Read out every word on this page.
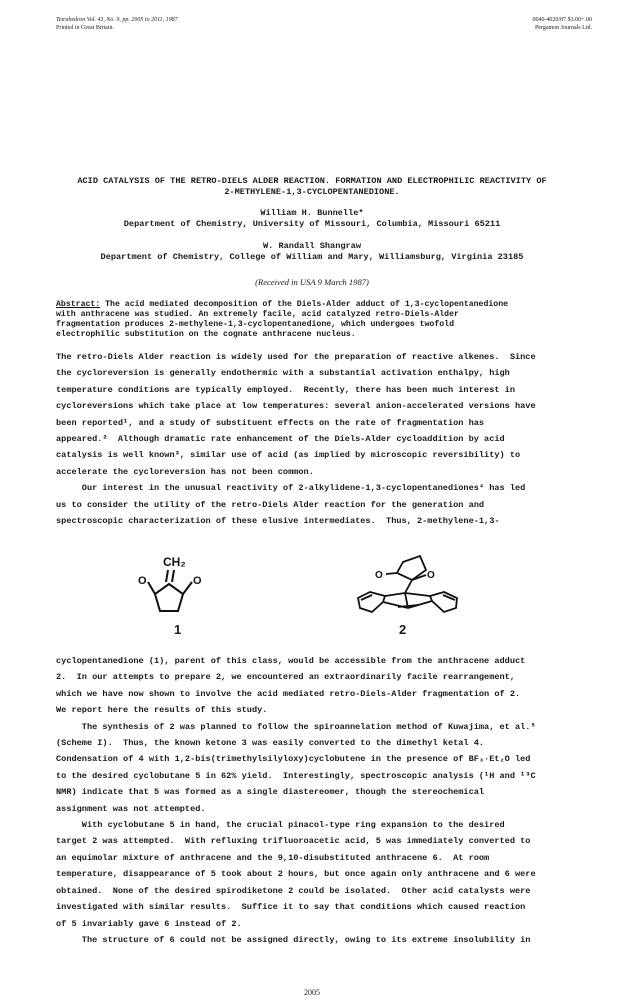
Tetrahedron Vol. 43, No. 9, pp. 2005 to 2011, 1987
Printed in Great Britain.
0040-4020/87 $3.00+.00
Pergamon Journals Ltd.
ACID CATALYSIS OF THE RETRO-DIELS ALDER REACTION. FORMATION AND ELECTROPHILIC REACTIVITY OF
2-METHYLENE-1,3-CYCLOPENTANEDIONE.
William H. Bunnelle*
Department of Chemistry, University of Missouri, Columbia, Missouri 65211
W. Randall Shangraw
Department of Chemistry, College of William and Mary, Williamsburg, Virginia 23185
(Received in USA 9 March 1987)
Abstract: The acid mediated decomposition of the Diels-Alder adduct of 1,3-cyclopentanedione
with anthracene was studied. An extremely facile, acid catalyzed retro-Diels-Alder
fragmentation produces 2-methylene-1,3-cyclopentanedione, which undergoes twofold
electrophilic substitution on the cognate anthracene nucleus.

The retro-Diels Alder reaction is widely used for the preparation of reactive alkenes.  Since

the cycloreversion is generally endothermic with a substantial activation enthalpy, high

temperature conditions are typically employed.  Recently, there has been much interest in

cycloreversions which take place at low temperatures: several anion-accelerated versions have

been reported¹, and a study of substituent effects on the rate of fragmentation has

appeared.²  Although dramatic rate enhancement of the Diels-Alder cycloaddition by acid

catalysis is well known³, similar use of acid (as implied by microscopic reversibility) to

accelerate the cycloreversion has not been common.

Our interest in the unusual reactivity of 2-alkylidene-1,3-cyclopentanediones⁴ has led

us to consider the utility of the retro-Diels Alder reaction for the generation and

spectroscopic characterization of these elusive intermediates.  Thus, 2-methylene-1,3-

CH₂
O	O	O	O
1	2

cyclopentanedione (1), parent of this class, would be accessible from the anthracene adduct

2.  In our attempts to prepare 2, we encountered an extraordinarily facile rearrangement,

which we have now shown to involve the acid mediated retro-Diels-Alder fragmentation of 2.

We report here the results of this study.

The synthesis of 2 was planned to follow the spiroannelation method of Kuwajima, et al.⁵

(Scheme I).  Thus, the known ketone 3 was easily converted to the dimethyl ketal 4.

Condensation of 4 with 1,2-bis(trimethylsilyloxy)cyclobutene in the presence of BF₃·Et₂O led

to the desired cyclobutane 5 in 62% yield.  Interestingly, spectroscopic analysis (¹H and ¹³C

NMR) indicate that 5 was formed as a single diastereomer, though the stereochemical

assignment was not attempted.

With cyclobutane 5 in hand, the crucial pinacol-type ring expansion to the desired

target 2 was attempted.  With refluxing trifluoroacetic acid, 5 was immediately converted to

an equimolar mixture of anthracene and the 9,10-disubstituted anthracene 6.  At room

temperature, disappearance of 5 took about 2 hours, but once again only anthracene and 6 were

obtained.  None of the desired spirodiketone 2 could be isolated.  Other acid catalysts were

investigated with similar results.  Suffice it to say that conditions which caused reaction

of 5 invariably gave 6 instead of 2.

The structure of 6 could not be assigned directly, owing to its extreme insolubility in

2005
